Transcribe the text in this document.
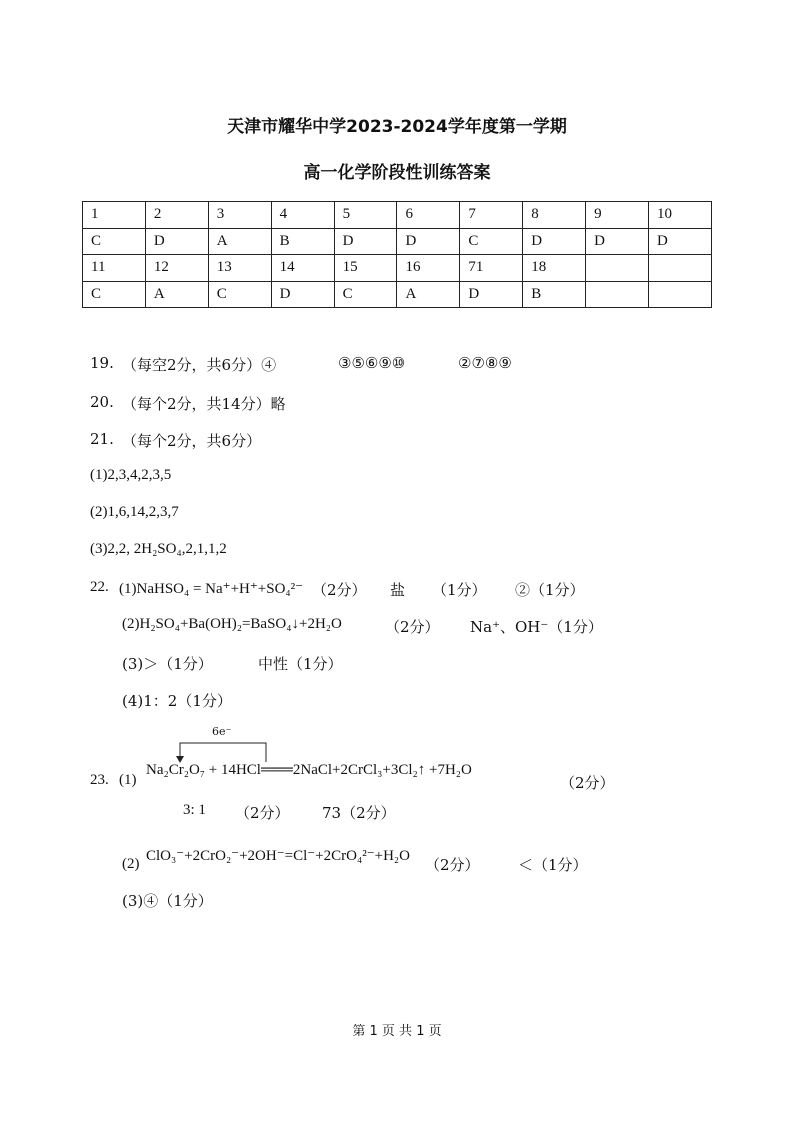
天津市耀华中学2023-2024学年度第一学期
高一化学阶段性训练答案
1	2	3	4	5	6	7	8	9	10
C	D	A	B	D	D	C	D	D	D
11	12	13	14	15	16	71	18		
C	A	C	D	C	A	D	B		
19. （每空2分，共6分）④	③⑤⑥⑨⑩	②⑦⑧⑨
20. （每个2分，共14分）略
21. （每个2分，共6分）
(1)2,3,4,2,3,5
(2)1,6,14,2,3,7
(3)2,2, 2H₂SO₄,2,1,1,2
22. (1)NaHSO₄ = Na⁺+H⁺+SO₄²⁻ （2分） 盐 （1分） ②（1分）
(2)H₂SO₄+Ba(OH)₂=BaSO₄↓+2H₂O	（2分） Na⁺、OH⁻（1分）
(3)＞（1分）	中性（1分）
(4)1：2（1分）
6e⁻
23. (1)
Na₂Cr₂O₇ + 14HCl═══2NaCl+2CrCl₃+3Cl₂↑ +7H₂O
（2分）
3: 1 （2分） 73（2分）
(2) ClO₃⁻+2CrO₂⁻+2OH⁻=Cl⁻+2CrO₄²⁻+H₂O （2分）	＜（1分）
(3)④（1分）
第 1 页 共 1 页
